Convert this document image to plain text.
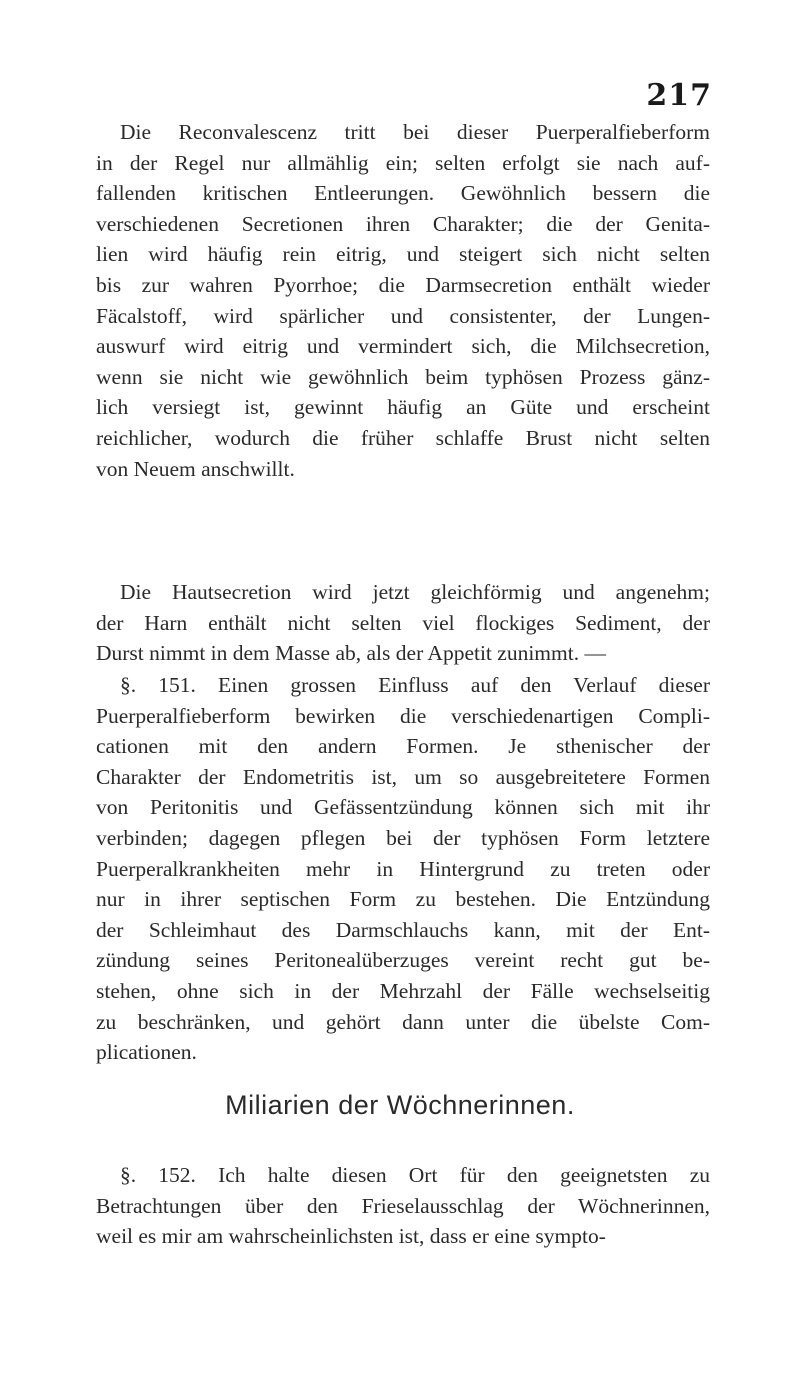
217
Die Reconvalescenz tritt bei dieser Puerperalfieberform
in der Regel nur allmählig ein; selten erfolgt sie nach auf-
fallenden kritischen Entleerungen. Gewöhnlich bessern die
verschiedenen Secretionen ihren Charakter; die der Genita-
lien wird häufig rein eitrig, und steigert sich nicht selten
bis zur wahren Pyorrhoe; die Darmsecretion enthält wieder
Fäcalstoff, wird spärlicher und consistenter, der Lungen-
auswurf wird eitrig und vermindert sich, die Milchsecretion,
wenn sie nicht wie gewöhnlich beim typhösen Prozess gänz-
lich versiegt ist, gewinnt häufig an Güte und erscheint
reichlicher, wodurch die früher schlaffe Brust nicht selten
von Neuem anschwillt.
Die Hautsecretion wird jetzt gleichförmig und angenehm;
der Harn enthält nicht selten viel flockiges Sediment, der
Durst nimmt in dem Masse ab, als der Appetit zunimmt. —
§. 151. Einen grossen Einfluss auf den Verlauf dieser
Puerperalfieberform bewirken die verschiedenartigen Compli-
cationen mit den andern Formen. Je sthenischer der
Charakter der Endometritis ist, um so ausgebreitetere Formen
von Peritonitis und Gefässentzündung können sich mit ihr
verbinden; dagegen pflegen bei der typhösen Form letztere
Puerperalkrankheiten mehr in Hintergrund zu treten oder
nur in ihrer septischen Form zu bestehen. Die Entzündung
der Schleimhaut des Darmschlauchs kann, mit der Ent-
zündung seines Peritonealüberzuges vereint recht gut be-
stehen, ohne sich in der Mehrzahl der Fälle wechselseitig
zu beschränken, und gehört dann unter die übelste Com-
plicationen.
Miliarien der Wöchnerinnen.
§. 152. Ich halte diesen Ort für den geeignetsten zu
Betrachtungen über den Frieselausschlag der Wöchnerinnen,
weil es mir am wahrscheinlichsten ist, dass er eine sympto-
